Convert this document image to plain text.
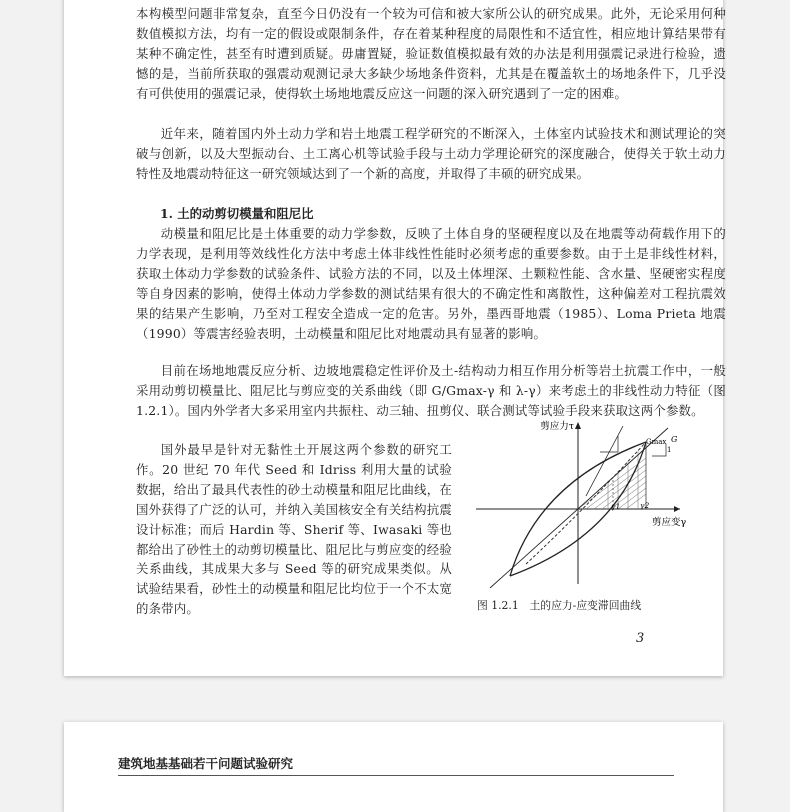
本构模型问题非常复杂，直至今日仍没有一个较为可信和被大家所公认的研究成果。此外，无论采用何种数值模拟方法，均有一定的假设或限制条件，存在着某种程度的局限性和不适宜性，相应地计算结果带有某种不确定性，甚至有时遭到质疑。毋庸置疑，验证数值模拟最有效的办法是利用强震记录进行检验，遗憾的是，当前所获取的强震动观测记录大多缺少场地条件资料，尤其是在覆盖软土的场地条件下，几乎没有可供使用的强震记录，使得软土场地地震反应这一问题的深入研究遇到了一定的困难。

近年来，随着国内外土动力学和岩土地震工程学研究的不断深入，土体室内试验技术和测试理论的突破与创新，以及大型振动台、土工离心机等试验手段与土动力学理论研究的深度融合，使得关于软土动力特性及地震动特征这一研究领域达到了一个新的高度，并取得了丰硕的研究成果。

1. 土的动剪切模量和阻尼比

动模量和阻尼比是土体重要的动力学参数，反映了土体自身的坚硬程度以及在地震等动荷载作用下的力学表现，是利用等效线性化方法中考虑土体非线性性能时必须考虑的重要参数。由于土是非线性材料，获取土体动力学参数的试验条件、试验方法的不同，以及土体埋深、土颗粒性能、含水量、坚硬密实程度等自身因素的影响，使得土体动力学参数的测试结果有很大的不确定性和离散性，这种偏差对工程抗震效果的结果产生影响，乃至对工程安全造成一定的危害。另外，墨西哥地震（1985）、Loma Prieta 地震（1990）等震害经验表明，土动模量和阻尼比对地震动具有显著的影响。

目前在场地地震反应分析、边坡地震稳定性评价及土-结构动力相互作用分析等岩土抗震工作中，一般采用动剪切模量比、阻尼比与剪应变的关系曲线（即 G/Gmax-γ 和 λ-γ）来考虑土的非线性动力特征（图 1.2.1）。国内外学者大多采用室内共振柱、动三轴、扭剪仪、联合测试等试验手段来获取这两个参数。

国外最早是针对无黏性土开展这两个参数的研究工作。20 世纪 70 年代 Seed 和 Idriss 利用大量的试验数据，给出了最具代表性的砂土动模量和阻尼比曲线，在国外获得了广泛的认可，并纳入美国核安全有关结构抗震设计标准；而后 Hardin 等、Sherif 等、Iwasaki 等也都给出了砂性土的动剪切模量比、阻尼比与剪应变的经验关系曲线，其成果大多与 Seed 等的研究成果类似。从试验结果看，砂性土的动模量和阻尼比均位于一个不太宽的条带内。

剪应力τ
剪应变γ
Gmax G
1
γ1	γ2
图 1.2.1　土的应力-应变滞回曲线
3
建筑地基基础若干问题试验研究
